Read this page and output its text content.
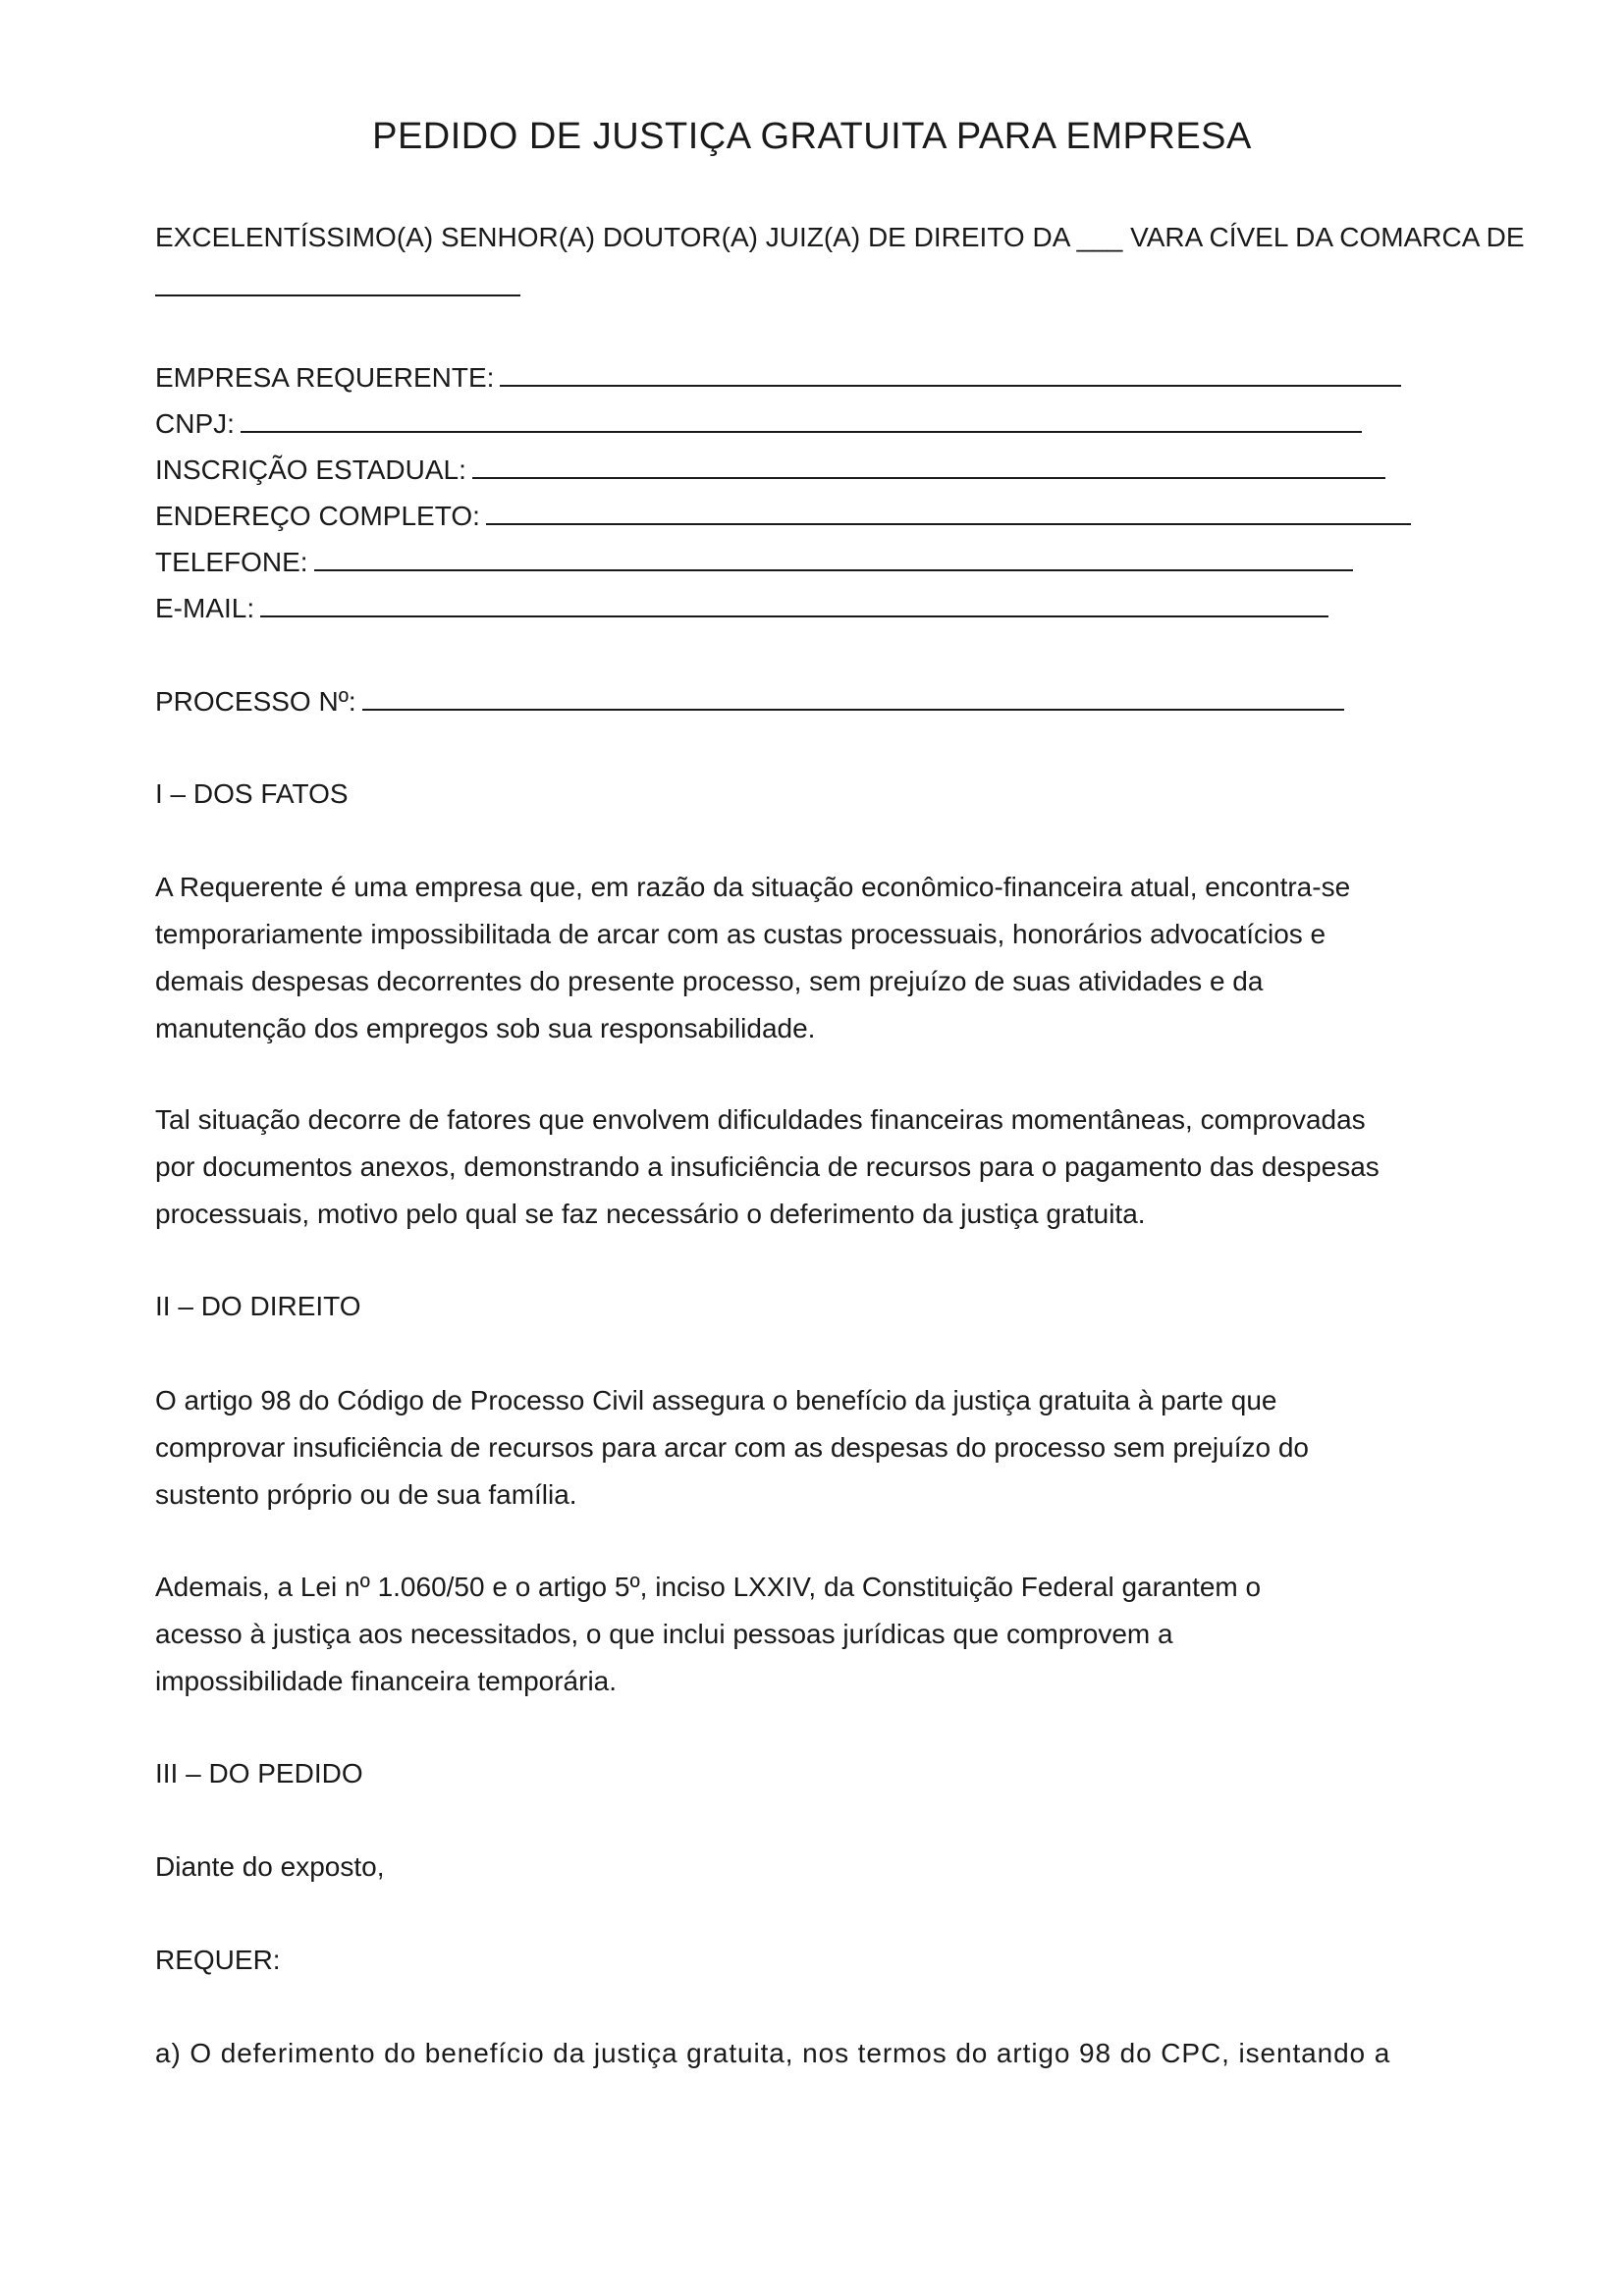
PEDIDO DE JUSTIÇA GRATUITA PARA EMPRESA
EXCELENTÍSSIMO(A) SENHOR(A) DOUTOR(A) JUIZ(A) DE DIREITO DA ___ VARA CÍVEL DA COMARCA DE
EMPRESA REQUERENTE:
CNPJ:
INSCRIÇÃO ESTADUAL:
ENDEREÇO COMPLETO:
TELEFONE:
E-MAIL:
PROCESSO Nº:
I – DOS FATOS

A Requerente é uma empresa que, em razão da situação econômico-financeira atual, encontra-se

temporariamente impossibilitada de arcar com as custas processuais, honorários advocatícios e

demais despesas decorrentes do presente processo, sem prejuízo de suas atividades e da

manutenção dos empregos sob sua responsabilidade.

Tal situação decorre de fatores que envolvem dificuldades financeiras momentâneas, comprovadas

por documentos anexos, demonstrando a insuficiência de recursos para o pagamento das despesas

processuais, motivo pelo qual se faz necessário o deferimento da justiça gratuita.

II – DO DIREITO

O artigo 98 do Código de Processo Civil assegura o benefício da justiça gratuita à parte que

comprovar insuficiência de recursos para arcar com as despesas do processo sem prejuízo do

sustento próprio ou de sua família.

Ademais, a Lei nº 1.060/50 e o artigo 5º, inciso LXXIV, da Constituição Federal garantem o

acesso à justiça aos necessitados, o que inclui pessoas jurídicas que comprovem a

impossibilidade financeira temporária.

III – DO PEDIDO
Diante do exposto,
REQUER:
a) O deferimento do benefício da justiça gratuita, nos termos do artigo 98 do CPC, isentando a
